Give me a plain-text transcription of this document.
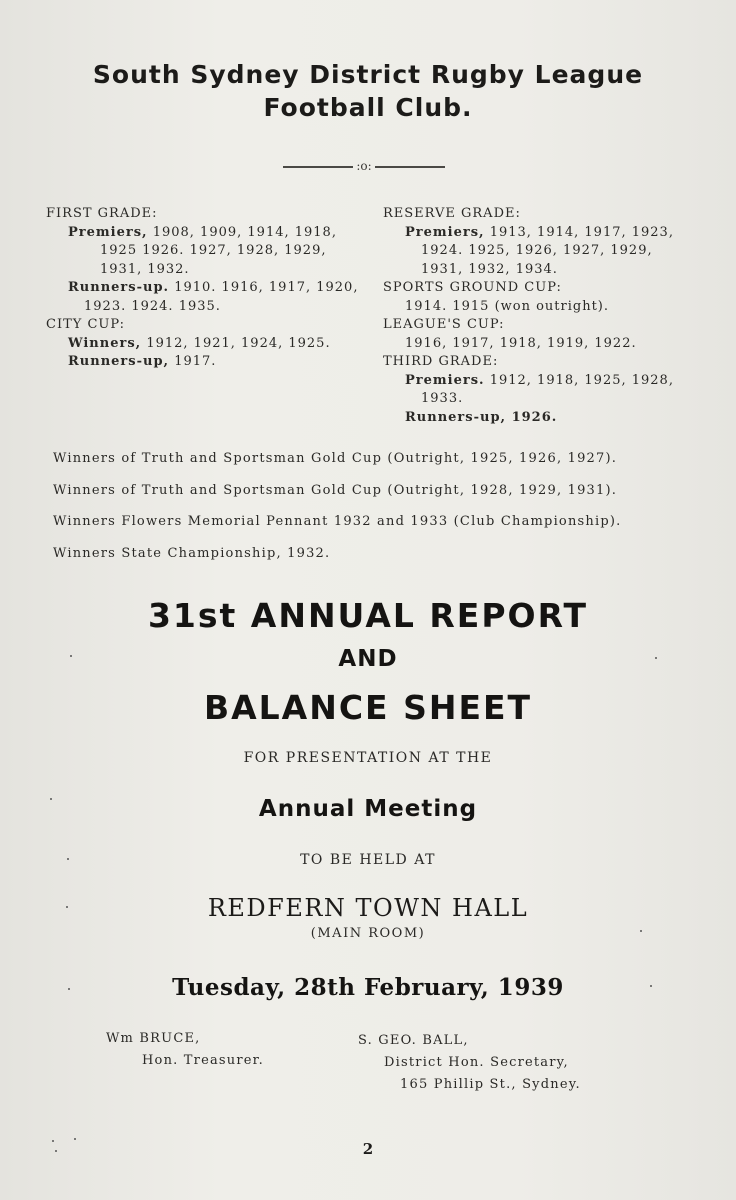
South Sydney District Rugby League
Football Club.
:o:
FIRST GRADE:
Premiers, 1908, 1909, 1914, 1918,
1925 1926. 1927, 1928, 1929,
1931, 1932.
Runners-up. 1910. 1916, 1917, 1920,
1923. 1924. 1935.
CITY CUP:
Winners, 1912, 1921, 1924, 1925.
Runners-up, 1917.
RESERVE GRADE:
Premiers, 1913, 1914, 1917, 1923,
1924. 1925, 1926, 1927, 1929,
1931, 1932, 1934.
SPORTS GROUND CUP:
1914. 1915 (won outright).
LEAGUE'S CUP:
1916, 1917, 1918, 1919, 1922.
THIRD GRADE:
Premiers. 1912, 1918, 1925, 1928,
1933.
Runners-up, 1926.
Winners of Truth and Sportsman Gold Cup (Outright, 1925, 1926, 1927).
Winners of Truth and Sportsman Gold Cup (Outright, 1928, 1929, 1931).
Winners Flowers Memorial Pennant 1932 and 1933 (Club Championship).
Winners State Championship, 1932.
31st ANNUAL REPORT
AND
BALANCE SHEET
FOR PRESENTATION AT THE
Annual Meeting
TO BE HELD AT
REDFERN TOWN HALL
(MAIN ROOM)
Tuesday, 28th February, 1939
Wm BRUCE,
Hon. Treasurer.
S. GEO. BALL,
District Hon. Secretary,
165 Phillip St., Sydney.
2
